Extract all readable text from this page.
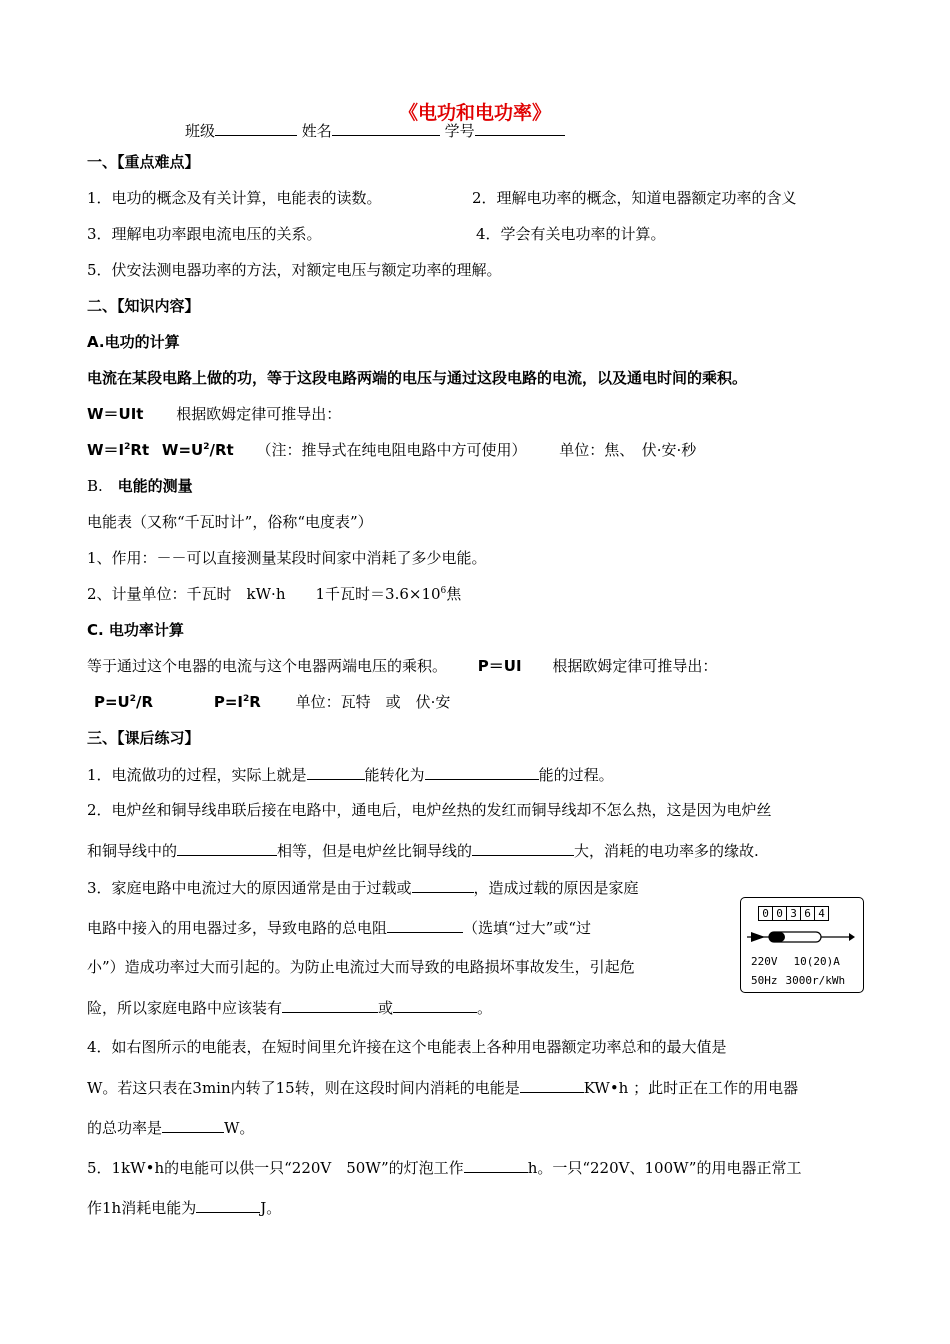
《电功和电功率》
班级	姓名	学号
一、【重点难点】
1．电功的概念及有关计算，电能表的读数。	2．理解电功率的概念，知道电器额定功率的含义
3．理解电功率跟电流电压的关系。	4．学会有关电功率的计算。
5．伏安法测电器功率的方法，对额定电压与额定功率的理解。
二、【知识内容】
A.电功的计算
电流在某段电路上做的功，等于这段电路两端的电压与通过这段电路的电流，以及通电时间的乘积。
W＝UIt 根据欧姆定律可推导出：
$W=I^2Rt$ $W=U^2/Rt$ （注：推导式在纯电阻电路中方可使用） 单位：焦、　伏·安·秒
B. 电能的测量
电能表（又称“千瓦时计”，俗称“电度表”）
1、作用：－－可以直接测量某段时间家中消耗了多少电能。
2、计量单位：千瓦时　kW·h　　1千瓦时$=3.6\times 10^6$焦
C. 电功率计算
等于通过这个电器的电流与这个电器两端电压的乘积。 P＝UI 根据欧姆定律可推导出：
$P=U^2/R$	$P=I^2R$ 单位：瓦特　或　伏·安
三、【课后练习】
1．电流做功的过程，实际上就是	能转化为	能的过程。
2．电炉丝和铜导线串联后接在电路中，通电后，电炉丝热的发红而铜导线却不怎么热，这是因为电炉丝
和铜导线中的	相等，但是电炉丝比铜导线的	大，消耗的电功率多的缘故.
3．家庭电路中电流过大的原因通常是由于过载或	，造成过载的原因是家庭
电路中接入的用电器过多，导致电路的总电阻	（选填“过大”或“过
小”）造成功率过大而引起的。为防止电流过大而导致的电路损坏事故发生，引起危
险，所以家庭电路中应该装有	或	。
0 0 3 6 4
220V 10(20)A
50Hz 3000r/kWh
4．如右图所示的电能表，在短时间里允许接在这个电能表上各种用电器额定功率总和的最大值是
W。若这只表在3min内转了15转，则在这段时间内消耗的电能是	KW•h ；此时正在工作的用电器
的总功率是	W。
5．1kW•h的电能可以供一只“220V　50W”的灯泡工作	h。一只“220V、100W”的用电器正常工
作1h消耗电能为	J。
